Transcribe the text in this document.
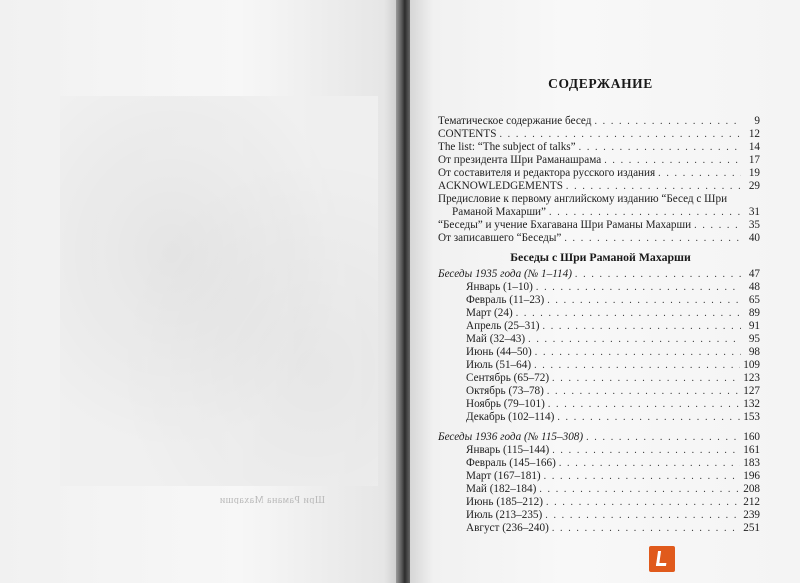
Шри Рамана Махарши
СОДЕРЖАНИЕ
Тематическое содержание бесед . . .	9
CONTENTS . . .	12
The list: “The subject of talks” . . .	14
От президента Шри Раманашрама . . .	17
От составителя и редактора русского издания . . .	19
ACKNOWLEDGEMENTS . . .	29
Предисловие к первому английскому изданию “Бесед с Шри
Раманой Махарши” . . .	31
“Беседы” и учение Бхагавана Шри Раманы Махарши . . .	35
От записавшего “Беседы” . . .	40
Беседы с Шри Раманой Махарши
Беседы 1935 года (№ 1–114) . . .	47
Январь (1–10) . . .	48
Февраль (11–23) . . .	65
Март (24) . . .	89
Апрель (25–31) . . .	91
Май (32–43) . . .	95
Июнь (44–50) . . .	98
Июль (51–64) . . .	109
Сентябрь (65–72) . . .	123
Октябрь (73–78) . . .	127
Ноябрь (79–101) . . .	132
Декабрь (102–114) . . .	153
Беседы 1936 года (№ 115–308) . . .	160
Январь (115–144) . . .	161
Февраль (145–166) . . .	183
Март (167–181) . . .	196
Май (182–184) . . .	208
Июнь (185–212) . . .	212
Июль (213–235) . . .	239
Август (236–240) . . .	251
